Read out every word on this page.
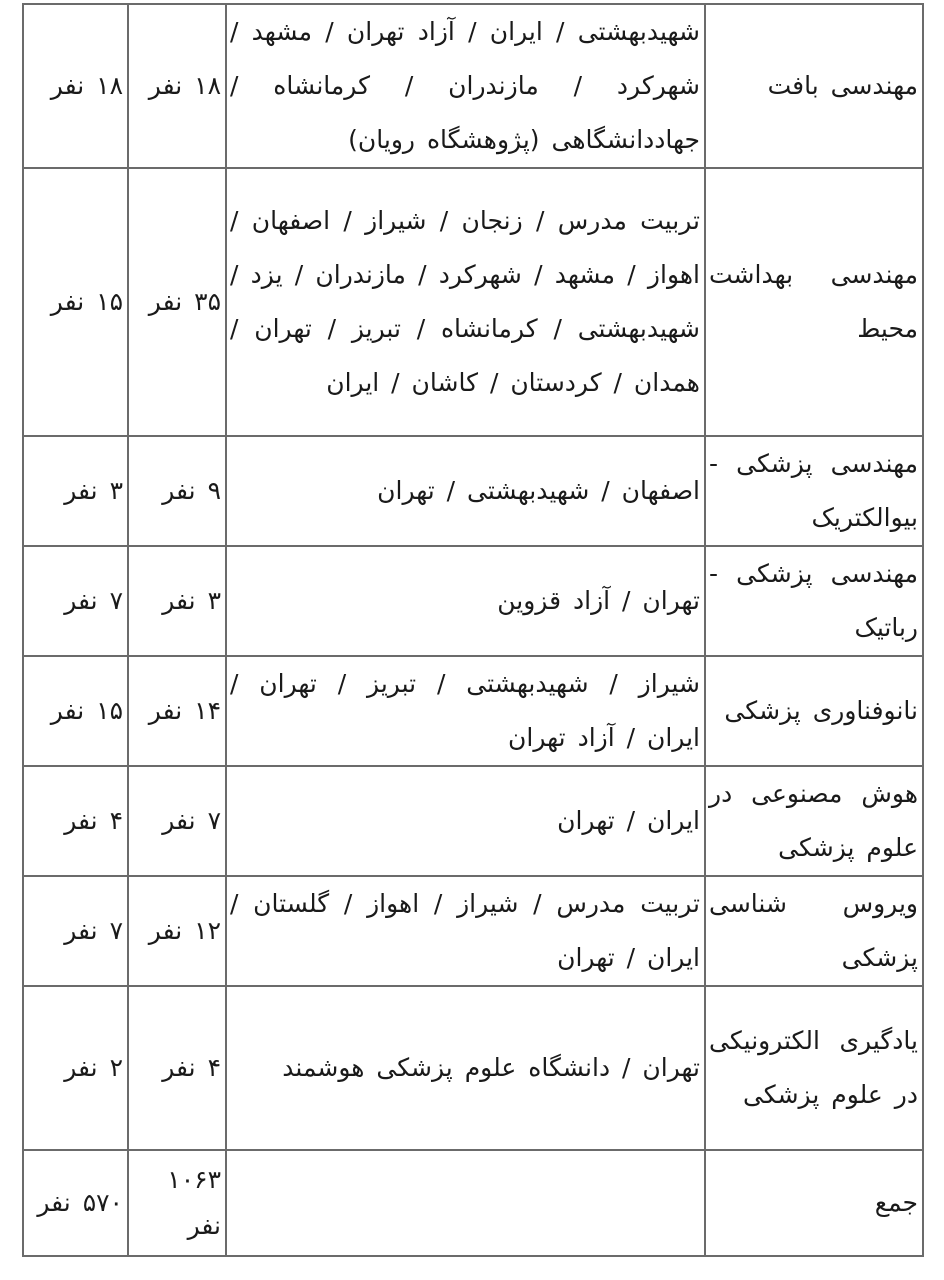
مهندسی بافت	شهیدبهشتی / ایران / آزاد تهران / مشهد / شهرکرد / مازندران / کرمانشاه / جهاددانشگاهی (پژوهشگاه رویان)	۱۸ نفر	۱۸ نفر
مهندسی بهداشت محیط	تربیت مدرس / زنجان / شیراز / اصفهان / اهواز / مشهد / شهرکرد / مازندران / یزد / شهیدبهشتی / کرمانشاه / تبریز / تهران / همدان / کردستان / کاشان / ایران	۳۵ نفر	۱۵ نفر
مهندسی پزشکی - بیوالکتریک	اصفهان / شهیدبهشتی / تهران	۹ نفر	۳ نفر
مهندسی پزشکی - رباتیک	تهران / آزاد قزوین	۳ نفر	۷ نفر
نانوفناوری پزشکی	شیراز / شهیدبهشتی / تبریز / تهران / ایران / آزاد تهران	۱۴ نفر	۱۵ نفر
هوش مصنوعی در علوم پزشکی	ایران / تهران	۷ نفر	۴ نفر
ویروس شناسی پزشکی	تربیت مدرس / شیراز / اهواز / گلستان / ایران / تهران	۱۲ نفر	۷ نفر
یادگیری الکترونیکی در علوم پزشکی	تهران / دانشگاه علوم پزشکی هوشمند	۴ نفر	۲ نفر
جمع		۱۰۶۳ نفر	۵۷۰ نفر
